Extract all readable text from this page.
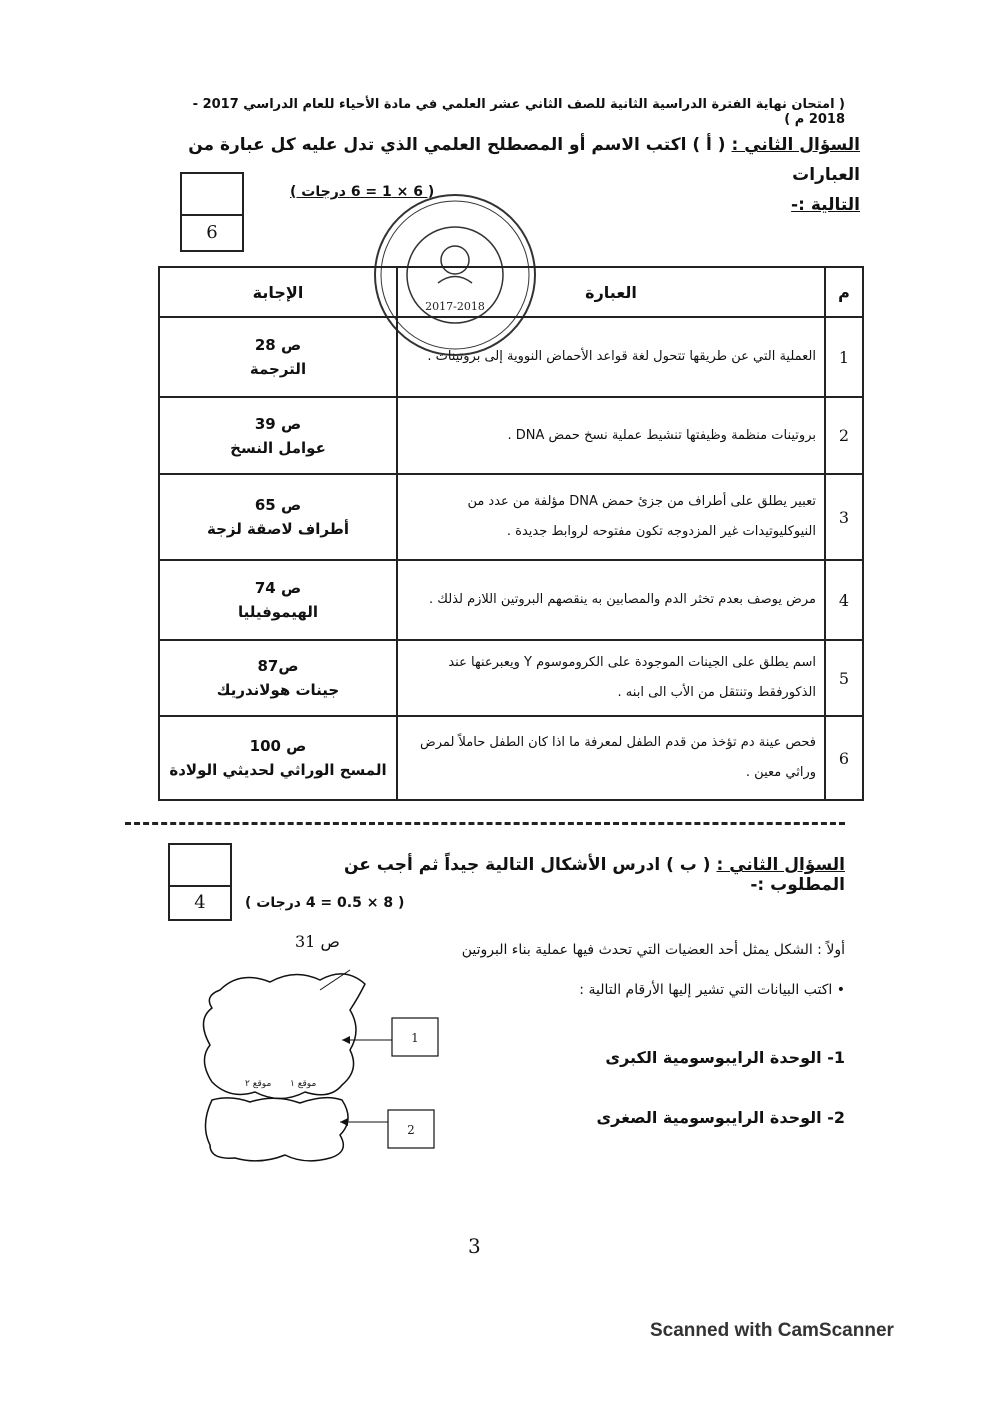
( امتحان نهاية الفترة الدراسية الثانية للصف الثاني عشر العلمي في مادة الأحياء للعام الدراسي 2017 - 2018 م )
السؤال الثاني : ( أ ) اكتب الاسم أو المصطلح العلمي الذي تدل عليه كل عبارة من العبارات
التالية :-
( 6 × 1 = 6 درجات )
6
2017-2018
م	العبارة	الإجابة
1	العملية التي عن طريقها تتحول لغة قواعد الأحماض النووية إلى بروتينات .	ص 28
الترجمة

2	بروتينات منظمة وظيفتها تنشيط عملية نسخ حمض DNA .	ص 39
عوامل النسخ

3	تعبير يطلق على أطراف من جزئ حمض DNA مؤلفة من عدد من النيوكليوتيدات غير المزدوجه تكون مفتوحه لروابط جديدة .	ص 65
أطراف لاصقة لزجة

4	مرض يوصف بعدم تخثر الدم والمصابين به ينقصهم البروتين اللازم لذلك .	ص 74
الهيموفيليا

5	اسم يطلق على الجينات الموجودة على الكروموسوم Y ويعبرعنها عند الذكورفقط وتنتقل من الأب الى ابنه .	ص87
جينات هولاندريك

6	فحص عينة دم تؤخذ من قدم الطفل لمعرفة ما اذا كان الطفل حاملاً لمرض وراثي معين .	ص 100
المسح الوراثي لحديثي الولادة
السؤال الثاني : ( ب ) ادرس الأشكال التالية جيداً ثم أجب عن المطلوب :-
( 8 × 0.5 = 4 درجات )
4
أولاً : الشكل يمثل أحد العضيات التي تحدث فيها عملية بناء البروتين
ص 31
• اكتب البيانات التي تشير إليها الأرقام التالية :
1- الوحدة الرايبوسومية الكبرى
2- الوحدة الرايبوسومية الصغرى
موقع ٢ موقع ١
1
2
3
Scanned with CamScanner
